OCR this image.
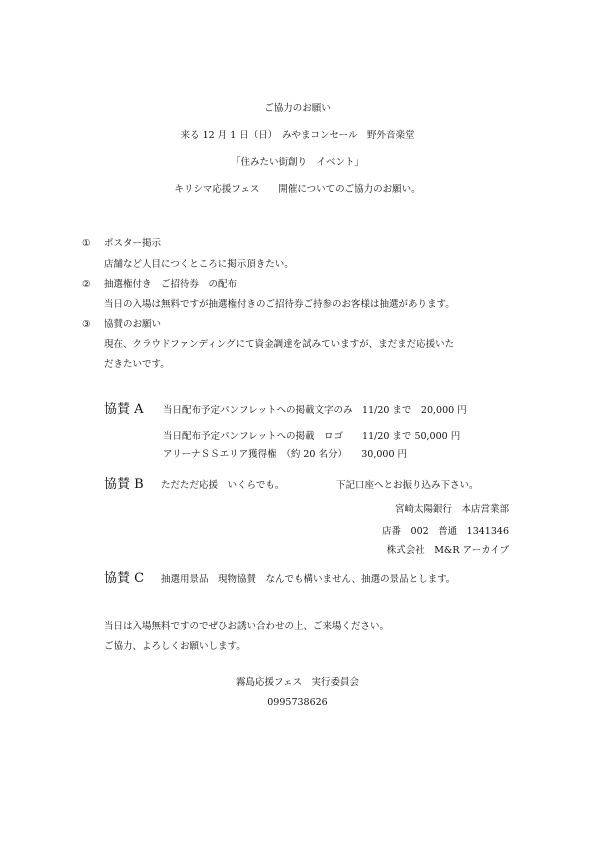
ご協力のお願い
来る 12 月 1 日（日）　みやまコンセール　野外音楽堂
「住みたい街創り　イベント」
キリシマ応援フェス　　開催についてのご協力のお願い。
① ポスター掲示
店舗など人目につくところに掲示頂きたい。
② 抽選権付き　ご招待券　の配布
当日の入場は無料ですが抽選権付きのご招待券ご持参のお客様は抽選があります。
③ 協賛のお願い
現在、クラウドファンディングにて資金調達を試みていますが、まだまだ応援いた
だきたいです。
協賛 A 当日配布予定パンフレットへの掲載文字のみ　11/20 まで　20,000 円
当日配布予定パンフレットへの掲載　ロゴ　　11/20 まで 50,000 円
アリーナＳＳエリア獲得権　（約 20 名分）　　30,000 円
協賛 B ただただ応援　いくらでも。	下記口座へとお振り込み下さい。
宮崎太陽銀行　本店営業部
店番　002　普通　1341346
株式会社　M&R アーカイブ
協賛 C 抽選用景品　現物協賛　なんでも構いません、抽選の景品とします。
当日は入場無料ですのでぜひお誘い合わせの上、ご来場ください。
ご協力、よろしくお願いします。
霧島応援フェス　実行委員会
0995738626
